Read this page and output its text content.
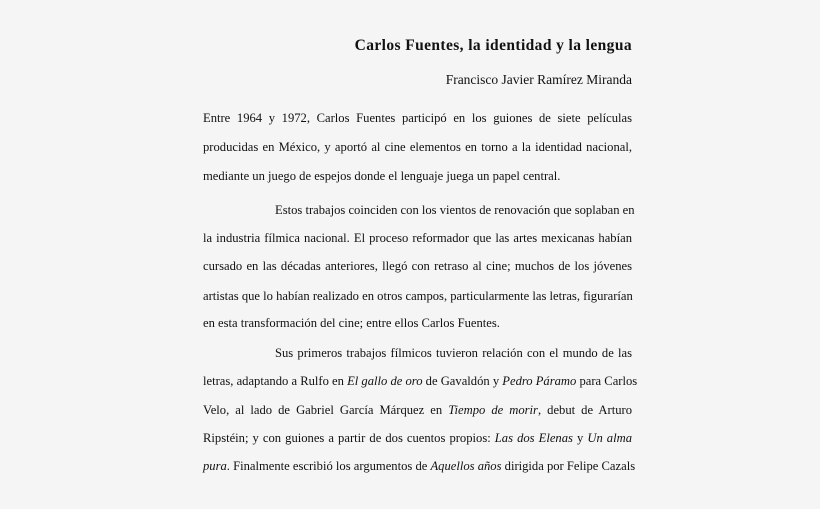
Carlos Fuentes, la identidad y la lengua
Francisco Javier Ramírez Miranda
Entre 1964 y 1972, Carlos Fuentes participó en los guiones de siete películas
producidas en México, y aportó al cine elementos en torno a la identidad nacional,
mediante un juego de espejos donde el lenguaje juega un papel central.
Estos trabajos coinciden con los vientos de renovación que soplaban en
la industria fílmica nacional. El proceso reformador que las artes mexicanas habían
cursado en las décadas anteriores, llegó con retraso al cine; muchos de los jóvenes
artistas que lo habían realizado en otros campos, particularmente las letras, figurarían
en esta transformación del cine; entre ellos Carlos Fuentes.
Sus primeros trabajos fílmicos tuvieron relación con el mundo de las
letras, adaptando a Rulfo en El gallo de oro de Gavaldón y Pedro Páramo para Carlos
Velo, al lado de Gabriel García Márquez en Tiempo de morir, debut de Arturo
Ripstéin; y con guiones a partir de dos cuentos propios: Las dos Elenas y Un alma
pura. Finalmente escribió los argumentos de Aquellos años dirigida por Felipe Cazals
